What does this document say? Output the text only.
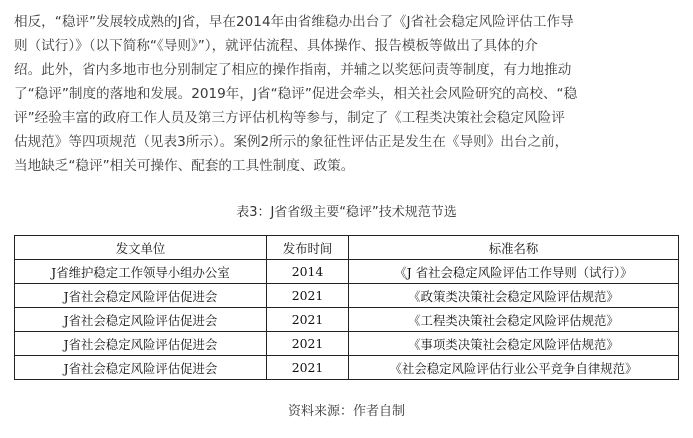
相反，“稳评”发展较成熟的J省，早在2014年由省维稳办出台了《J省社会稳定风险评估工作导
则（试行）》（以下简称“《导则》”），就评估流程、具体操作、报告模板等做出了具体的介
绍。此外，省内多地市也分别制定了相应的操作指南，并辅之以奖惩问责等制度，有力地推动
了“稳评”制度的落地和发展。2019年，J省“稳评”促进会牵头，相关社会风险研究的高校、“稳
评”经验丰富的政府工作人员及第三方评估机构等参与，制定了《工程类决策社会稳定风险评
估规范》等四项规范（见表3所示）。案例2所示的象征性评估正是发生在《导则》出台之前，
当地缺乏“稳评”相关可操作、配套的工具性制度、政策。

表3：J省省级主要“稳评”技术规范节选

发文单位	发布时间	标准名称
J省维护稳定工作领导小组办公室	2014	《J 省社会稳定风险评估工作导则（试行）》
J省社会稳定风险评估促进会	2021	《政策类决策社会稳定风险评估规范》
J省社会稳定风险评估促进会	2021	《工程类决策社会稳定风险评估规范》
J省社会稳定风险评估促进会	2021	《事项类决策社会稳定风险评估规范》
J省社会稳定风险评估促进会	2021	《社会稳定风险评估行业公平竞争自律规范》

资料来源：作者自制
